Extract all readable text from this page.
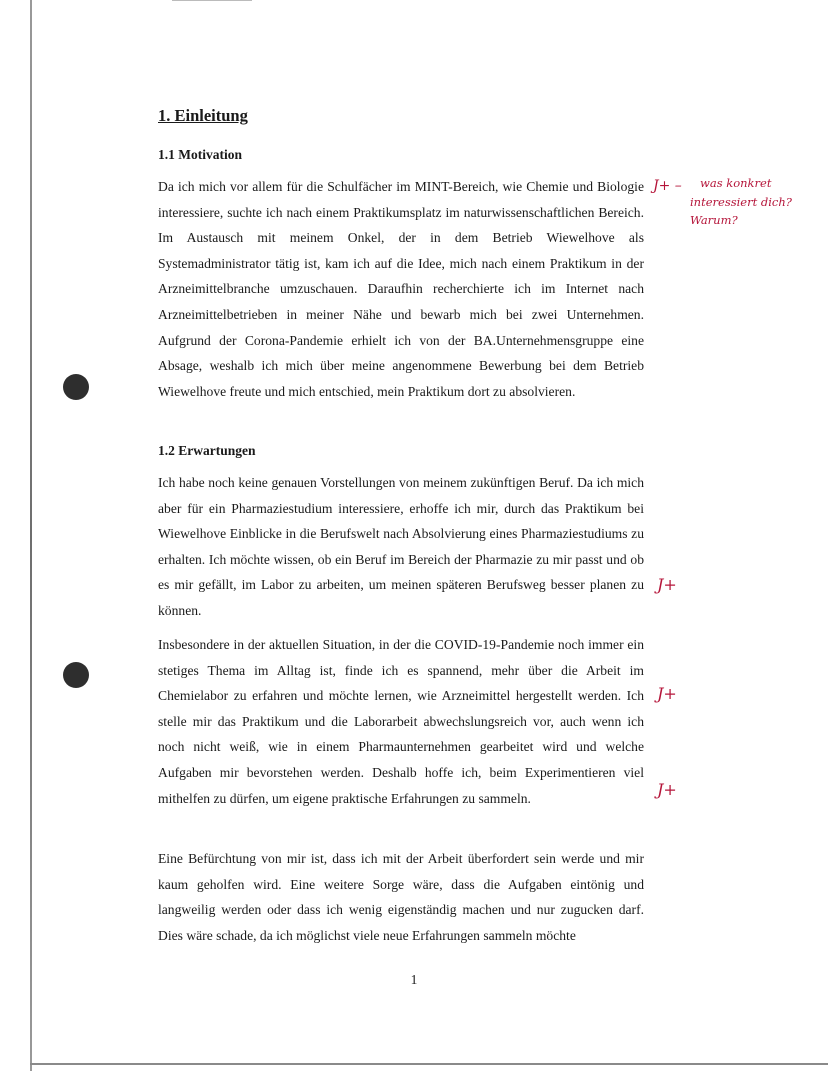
1. Einleitung
1.1 Motivation

Da ich mich vor allem für die Schulfächer im MINT-Bereich, wie Chemie und Biologie interessiere, suchte ich nach einem Praktikumsplatz im naturwissenschaftlichen Bereich. Im Austausch mit meinem Onkel, der in dem Betrieb Wiewelhove als Systemadministrator tätig ist, kam ich auf die Idee, mich nach einem Praktikum in der Arzneimittelbranche umzuschauen. Daraufhin recherchierte ich im Internet nach Arzneimittelbetrieben in meiner Nähe und bewarb mich bei zwei Unternehmen. Aufgrund der Corona-Pandemie erhielt ich von der BA.Unternehmensgruppe eine Absage, weshalb ich mich über meine angenommene Bewerbung bei dem Betrieb Wiewelhove freute und mich entschied, mein Praktikum dort zu absolvieren.

1.2 Erwartungen

Ich habe noch keine genauen Vorstellungen von meinem zukünftigen Beruf. Da ich mich aber für ein Pharmaziestudium interessiere, erhoffe ich mir, durch das Praktikum bei Wiewelhove Einblicke in die Berufswelt nach Absolvierung eines Pharmaziestudiums zu erhalten. Ich möchte wissen, ob ein Beruf im Bereich der Pharmazie zu mir passt und ob es mir gefällt, im Labor zu arbeiten, um meinen späteren Berufsweg besser planen zu können.

Insbesondere in der aktuellen Situation, in der die COVID-19-Pandemie noch immer ein stetiges Thema im Alltag ist, finde ich es spannend, mehr über die Arbeit im Chemielabor zu erfahren und möchte lernen, wie Arzneimittel hergestellt werden. Ich stelle mir das Praktikum und die Laborarbeit abwechslungsreich vor, auch wenn ich noch nicht weiß, wie in einem Pharmaunternehmen gearbeitet wird und welche Aufgaben mir bevorstehen werden. Deshalb hoffe ich, beim Experimentieren viel mithelfen zu dürfen, um eigene praktische Erfahrungen zu sammeln.

Eine Befürchtung von mir ist, dass ich mit der Arbeit überfordert sein werde und mir kaum geholfen wird. Eine weitere Sorge wäre, dass die Aufgaben eintönig und langweilig werden oder dass ich wenig eigenständig machen und nur zugucken darf. Dies wäre schade, da ich möglichst viele neue Erfahrungen sammeln möchte

1
J+ – was konkret
interessiert dich?
Warum?
J+
J+
J+
